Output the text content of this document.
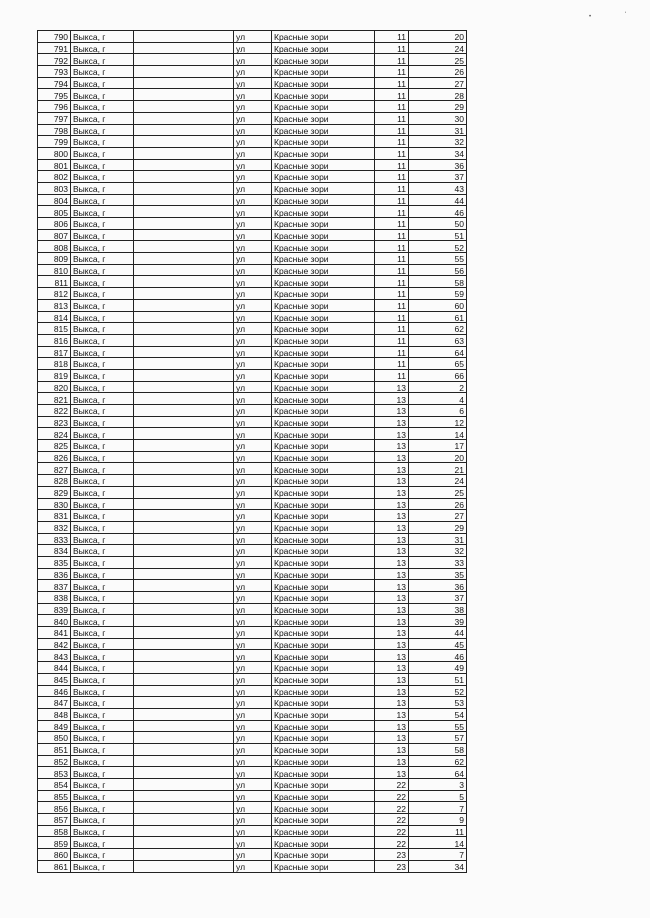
•	ʹ
790	Выкса, г		ул	Красные зори	11	20
791	Выкса, г		ул	Красные зори	11	24
792	Выкса, г		ул	Красные зори	11	25
793	Выкса, г		ул	Красные зори	11	26
794	Выкса, г		ул	Красные зори	11	27
795	Выкса, г		ул	Красные зори	11	28
796	Выкса, г		ул	Красные зори	11	29
797	Выкса, г		ул	Красные зори	11	30
798	Выкса, г		ул	Красные зори	11	31
799	Выкса, г		ул	Красные зори	11	32
800	Выкса, г		ул	Красные зори	11	34
801	Выкса, г		ул	Красные зори	11	36
802	Выкса, г		ул	Красные зори	11	37
803	Выкса, г		ул	Красные зори	11	43
804	Выкса, г		ул	Красные зори	11	44
805	Выкса, г		ул	Красные зори	11	46
806	Выкса, г		ул	Красные зори	11	50
807	Выкса, г		ул	Красные зори	11	51
808	Выкса, г		ул	Красные зори	11	52
809	Выкса, г		ул	Красные зори	11	55
810	Выкса, г		ул	Красные зори	11	56
811	Выкса, г		ул	Красные зори	11	58
812	Выкса, г		ул	Красные зори	11	59
813	Выкса, г		ул	Красные зори	11	60
814	Выкса, г		ул	Красные зори	11	61
815	Выкса, г		ул	Красные зори	11	62
816	Выкса, г		ул	Красные зори	11	63
817	Выкса, г		ул	Красные зори	11	64
818	Выкса, г		ул	Красные зори	11	65
819	Выкса, г		ул	Красные зори	11	66
820	Выкса, г		ул	Красные зори	13	2
821	Выкса, г		ул	Красные зори	13	4
822	Выкса, г		ул	Красные зори	13	6
823	Выкса, г		ул	Красные зори	13	12
824	Выкса, г		ул	Красные зори	13	14
825	Выкса, г		ул	Красные зори	13	17
826	Выкса, г		ул	Красные зори	13	20
827	Выкса, г		ул	Красные зори	13	21
828	Выкса, г		ул	Красные зори	13	24
829	Выкса, г		ул	Красные зори	13	25
830	Выкса, г		ул	Красные зори	13	26
831	Выкса, г		ул	Красные зори	13	27
832	Выкса, г		ул	Красные зори	13	29
833	Выкса, г		ул	Красные зори	13	31
834	Выкса, г		ул	Красные зори	13	32
835	Выкса, г		ул	Красные зори	13	33
836	Выкса, г		ул	Красные зори	13	35
837	Выкса, г		ул	Красные зори	13	36
838	Выкса, г		ул	Красные зори	13	37
839	Выкса, г		ул	Красные зори	13	38
840	Выкса, г		ул	Красные зори	13	39
841	Выкса, г		ул	Красные зори	13	44
842	Выкса, г		ул	Красные зори	13	45
843	Выкса, г		ул	Красные зори	13	46
844	Выкса, г		ул	Красные зори	13	49
845	Выкса, г		ул	Красные зори	13	51
846	Выкса, г		ул	Красные зори	13	52
847	Выкса, г		ул	Красные зори	13	53
848	Выкса, г		ул	Красные зори	13	54
849	Выкса, г		ул	Красные зори	13	55
850	Выкса, г		ул	Красные зори	13	57
851	Выкса, г		ул	Красные зори	13	58
852	Выкса, г		ул	Красные зори	13	62
853	Выкса, г		ул	Красные зори	13	64
854	Выкса, г		ул	Красные зори	22	3
855	Выкса, г		ул	Красные зори	22	5
856	Выкса, г		ул	Красные зори	22	7
857	Выкса, г		ул	Красные зори	22	9
858	Выкса, г		ул	Красные зори	22	11
859	Выкса, г		ул	Красные зори	22	14
860	Выкса, г		ул	Красные зори	23	7
861	Выкса, г		ул	Красные зори	23	34
